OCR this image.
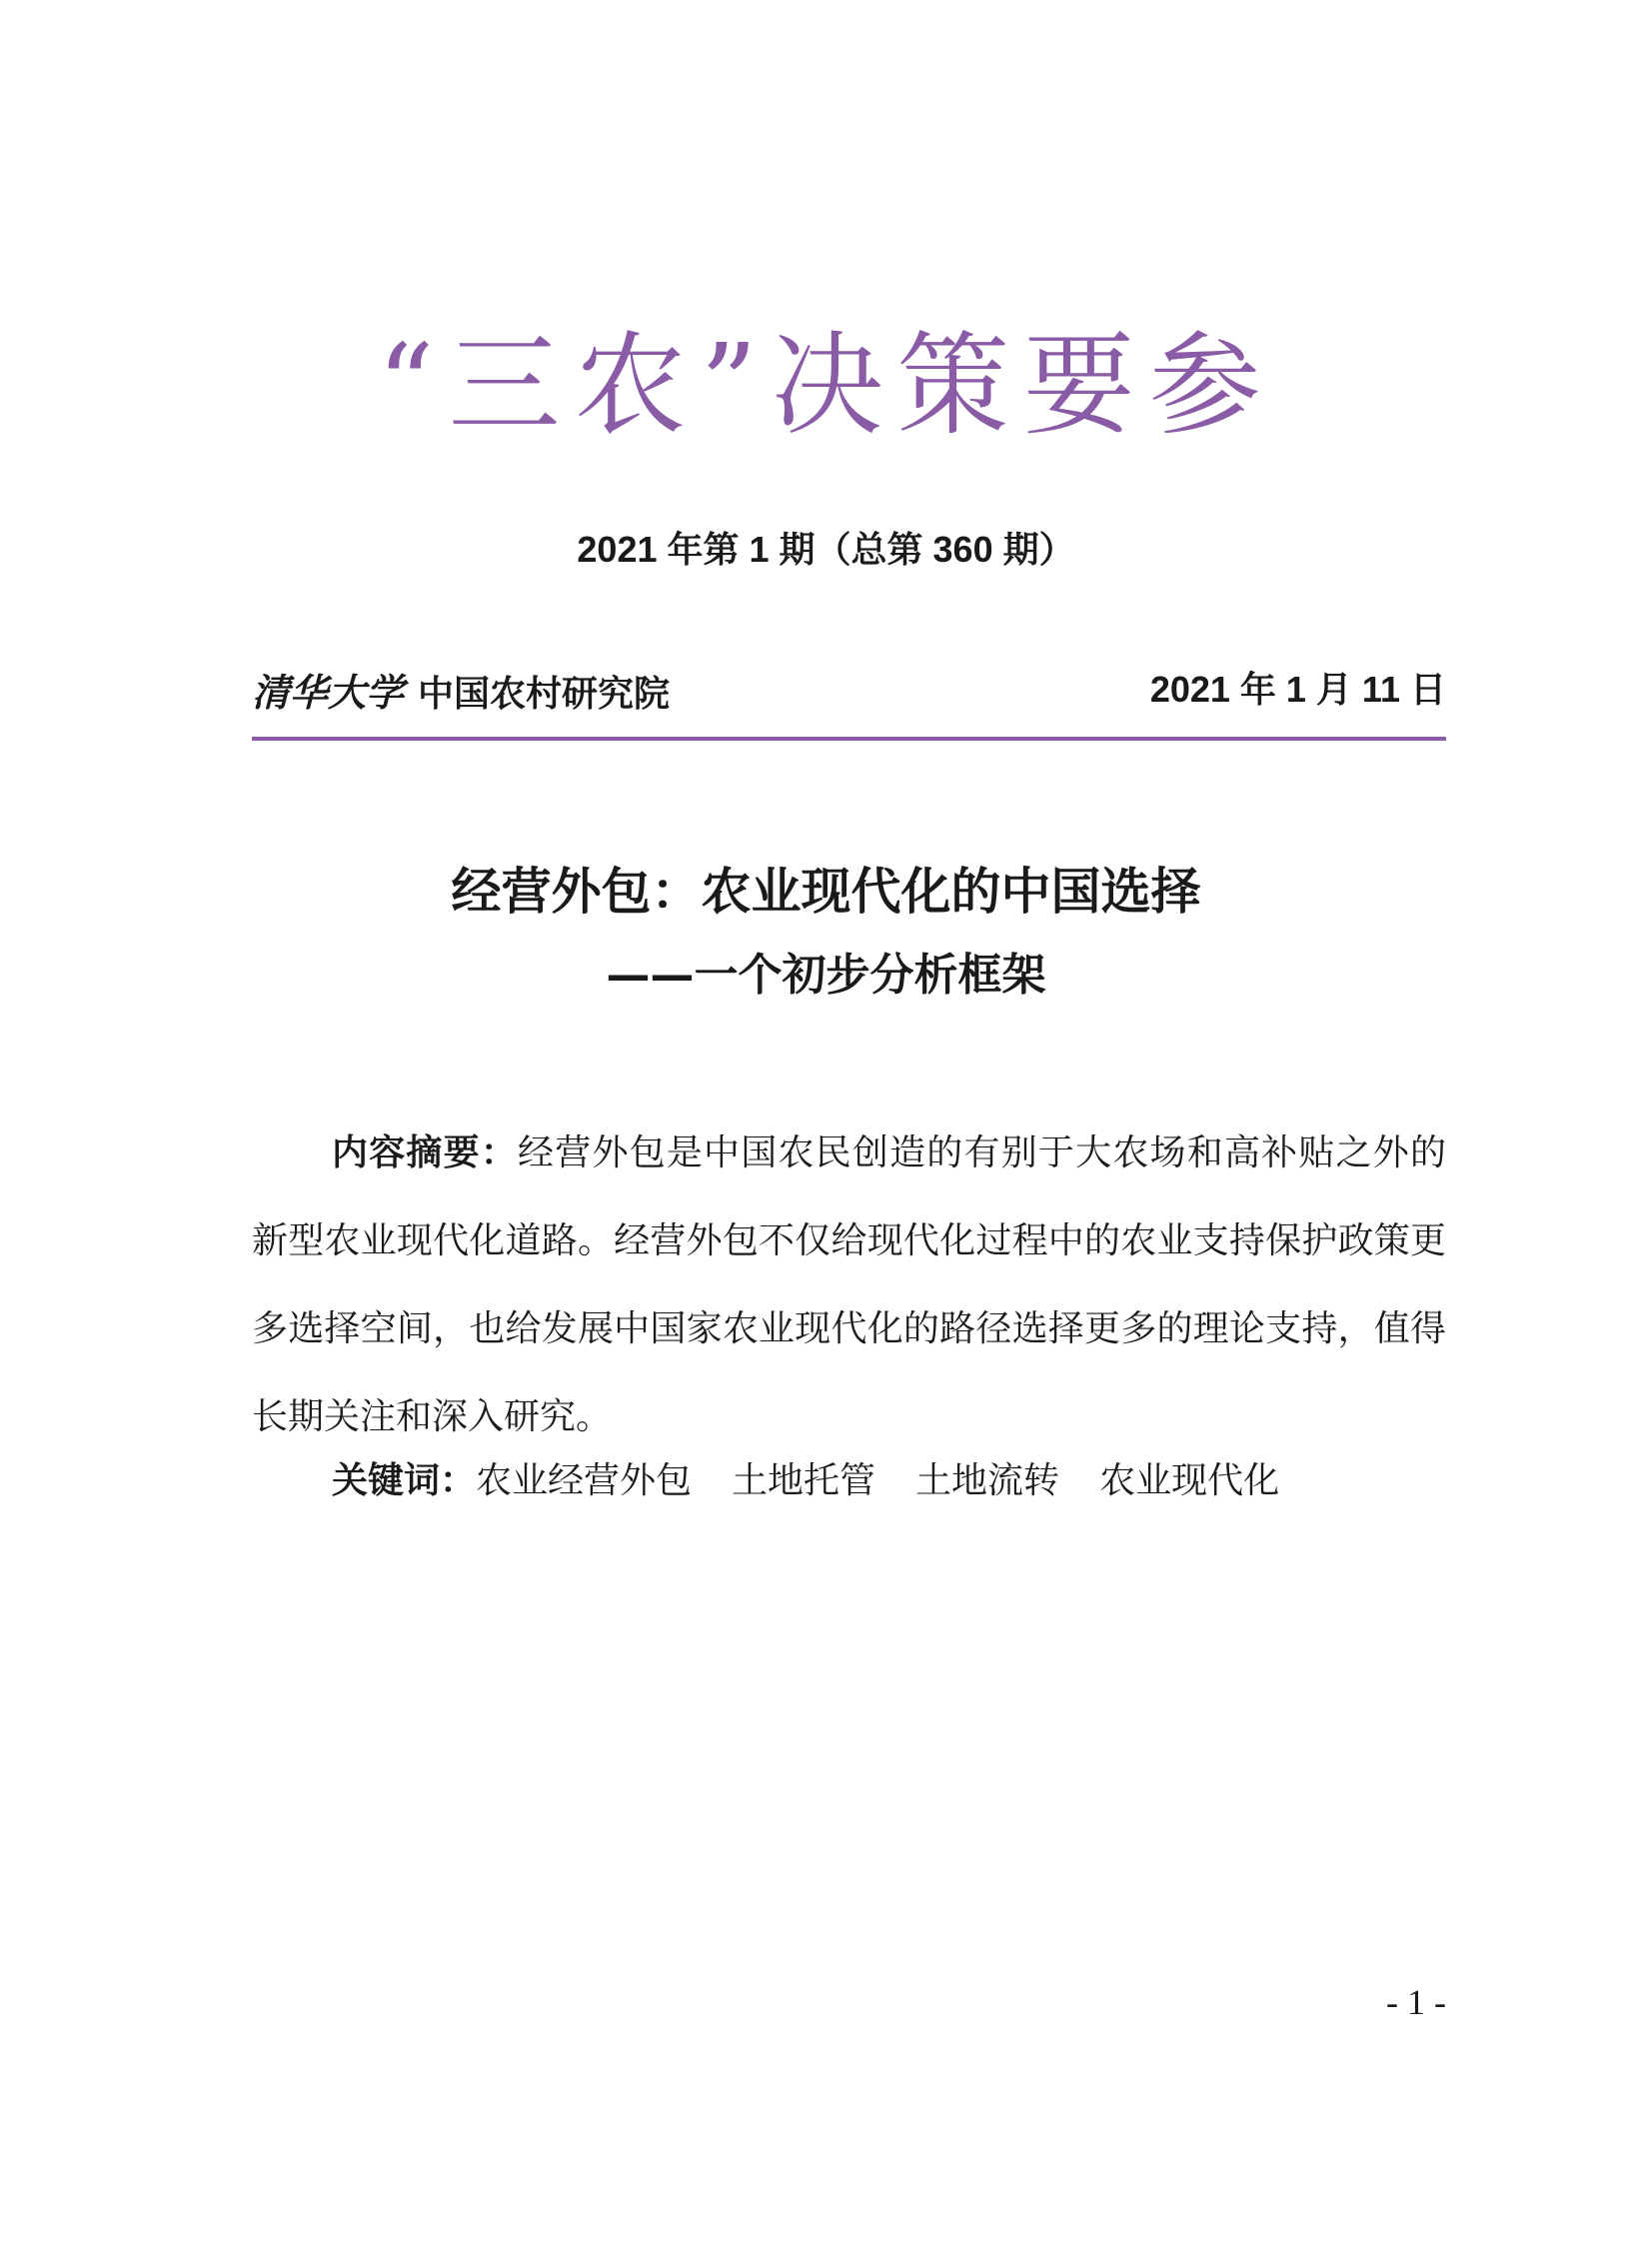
“三农”决策要参
2021 年第 1 期（总第 360 期）
清华大学 中国农村研究院	2021 年 1 月 11 日
经营外包：农业现代化的中国选择
——一个初步分析框架
内容摘要：经营外包是中国农民创造的有别于大农场和高补贴之外的新型农业现代化道路。经营外包不仅给现代化过程中的农业支持保护政策更多选择空间，也给发展中国家农业现代化的路径选择更多的理论支持，值得长期关注和深入研究。
关键词：农业经营外包 土地托管 土地流转 农业现代化
- 1 -
